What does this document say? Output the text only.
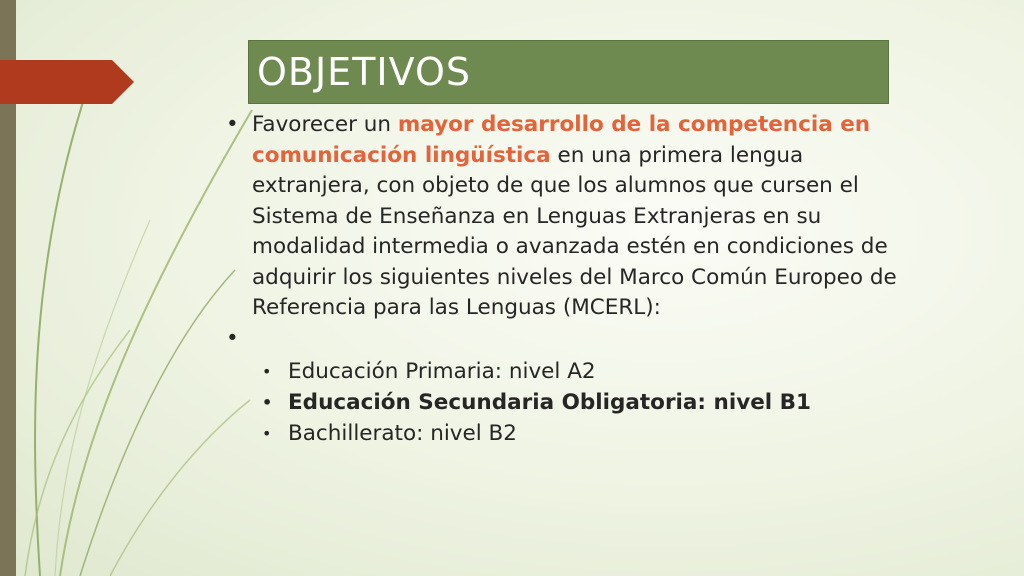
OBJETIVOS
• Favorecer un mayor desarrollo de la competencia en comunicación lingüística en una primera lengua extranjera, con objeto de que los alumnos que cursen el Sistema de Enseñanza en Lenguas Extranjeras en su modalidad intermedia o avanzada estén en condiciones de adquirir los siguientes niveles del Marco Común Europeo de Referencia para las Lenguas (MCERL):
•
• Educación Primaria: nivel A2
• Educación Secundaria Obligatoria: nivel B1
• Bachillerato: nivel B2
